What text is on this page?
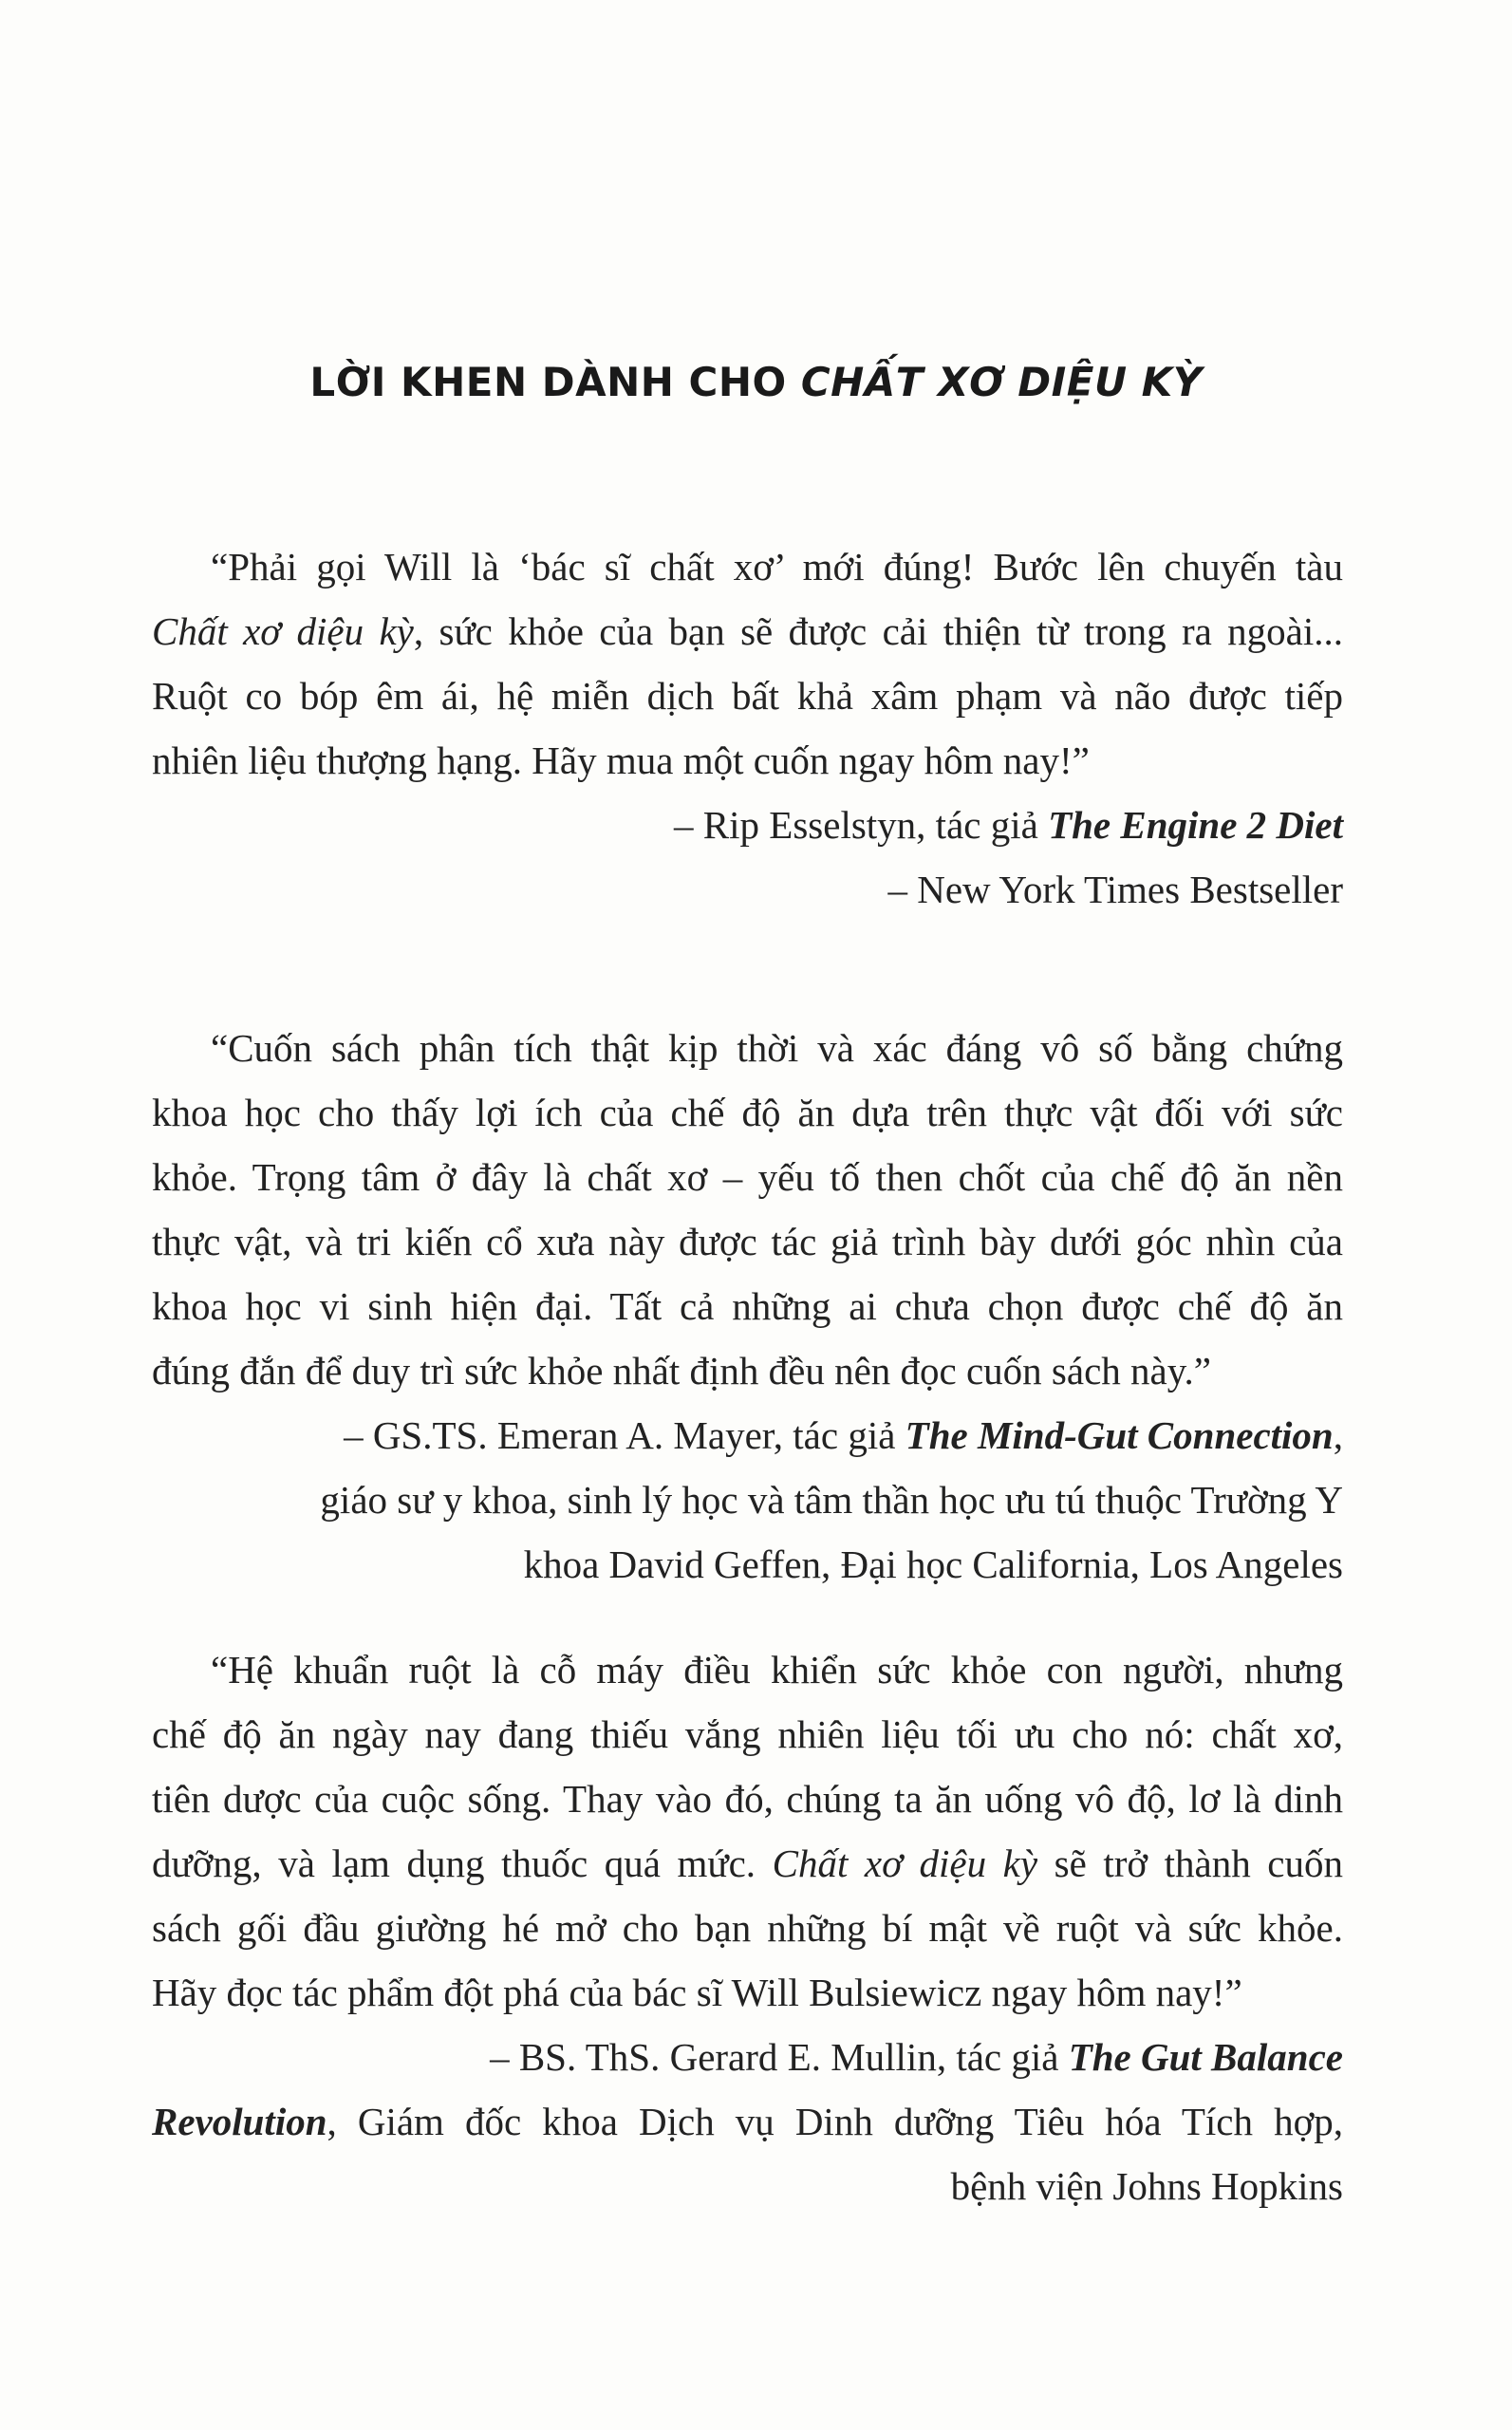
LỜI KHEN DÀNH CHO CHẤT XƠ DIỆU KỲ
“Phải gọi Will là ‘bác sĩ chất xơ’ mới đúng! Bước lên chuyến tàu
Chất xơ diệu kỳ, sức khỏe của bạn sẽ được cải thiện từ trong ra ngoài...
Ruột co bóp êm ái, hệ miễn dịch bất khả xâm phạm và não được tiếp
nhiên liệu thượng hạng. Hãy mua một cuốn ngay hôm nay!”
– Rip Esselstyn, tác giả The Engine 2 Diet
– New York Times Bestseller
“Cuốn sách phân tích thật kịp thời và xác đáng vô số bằng chứng
khoa học cho thấy lợi ích của chế độ ăn dựa trên thực vật đối với sức
khỏe. Trọng tâm ở đây là chất xơ – yếu tố then chốt của chế độ ăn nền
thực vật, và tri kiến cổ xưa này được tác giả trình bày dưới góc nhìn của
khoa học vi sinh hiện đại. Tất cả những ai chưa chọn được chế độ ăn
đúng đắn để duy trì sức khỏe nhất định đều nên đọc cuốn sách này.”
– GS.TS. Emeran A. Mayer, tác giả The Mind-Gut Connection,
giáo sư y khoa, sinh lý học và tâm thần học ưu tú thuộc Trường Y
khoa David Geffen, Đại học California, Los Angeles
“Hệ khuẩn ruột là cỗ máy điều khiển sức khỏe con người, nhưng
chế độ ăn ngày nay đang thiếu vắng nhiên liệu tối ưu cho nó: chất xơ,
tiên dược của cuộc sống. Thay vào đó, chúng ta ăn uống vô độ, lơ là dinh
dưỡng, và lạm dụng thuốc quá mức. Chất xơ diệu kỳ sẽ trở thành cuốn
sách gối đầu giường hé mở cho bạn những bí mật về ruột và sức khỏe.
Hãy đọc tác phẩm đột phá của bác sĩ Will Bulsiewicz ngay hôm nay!”
– BS. ThS. Gerard E. Mullin, tác giả The Gut Balance
Revolution, Giám đốc khoa Dịch vụ Dinh dưỡng Tiêu hóa Tích hợp,
bệnh viện Johns Hopkins
